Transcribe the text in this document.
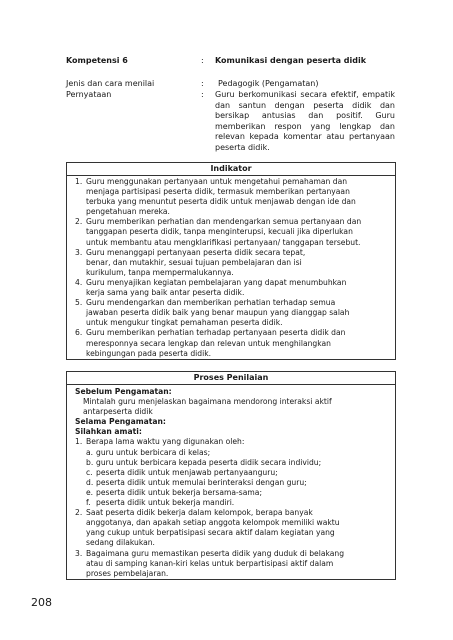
Kompetensi 6	: Komunikasi dengan peserta didik
Jenis dan cara menilai	: Pedagogik (Pengamatan)
Pernyataan	: Guru berkomunikasi secara efektif, empatik
dan santun dengan peserta didik dan
bersikap antusias dan positif. Guru
memberikan respon yang lengkap dan
relevan kepada komentar atau pertanyaan
peserta didik.
Indikator
1. Guru menggunakan pertanyaan untuk mengetahui pemahaman dan
menjaga partisipasi peserta didik, termasuk memberikan pertanyaan
terbuka yang menuntut peserta didik untuk menjawab dengan ide dan
pengetahuan mereka.
2. Guru memberikan perhatian dan mendengarkan semua pertanyaan dan
tanggapan peserta didik, tanpa menginterupsi, kecuali jika diperlukan
untuk membantu atau mengklarifikasi pertanyaan/ tanggapan tersebut.
3. Guru menanggapi pertanyaan peserta didik secara tepat,
benar, dan mutakhir, sesuai tujuan pembelajaran dan isi
kurikulum, tanpa mempermalukannya.
4. Guru menyajikan kegiatan pembelajaran yang dapat menumbuhkan
kerja sama yang baik antar peserta didik.
5. Guru mendengarkan dan memberikan perhatian terhadap semua
jawaban peserta didik baik yang benar maupun yang dianggap salah
untuk mengukur tingkat pemahaman peserta didik.
6. Guru memberikan perhatian terhadap pertanyaan peserta didik dan
meresponnya secara lengkap dan relevan untuk menghilangkan
kebingungan pada peserta didik.
Proses Penilaian
Sebelum Pengamatan:
Mintalah guru menjelaskan bagaimana mendorong interaksi aktif
antarpeserta didik
Selama Pengamatan:
Silahkan amati:
1. Berapa lama waktu yang digunakan oleh:
a. guru untuk berbicara di kelas;
b. guru untuk berbicara kepada peserta didik secara individu;
c. peserta didik untuk menjawab pertanyaanguru;
d. peserta didik untuk memulai berinteraksi dengan guru;
e. peserta didik untuk bekerja bersama-sama;
f. peserta didik untuk bekerja mandiri.
2. Saat peserta didik bekerja dalam kelompok, berapa banyak
anggotanya, dan apakah setiap anggota kelompok memiliki waktu
yang cukup untuk berpatisipasi secara aktif dalam kegiatan yang
sedang dilakukan.
3. Bagaimana guru memastikan peserta didik yang duduk di belakang
atau di samping kanan-kiri kelas untuk berpartisipasi aktif dalam
proses pembelajaran.
208
